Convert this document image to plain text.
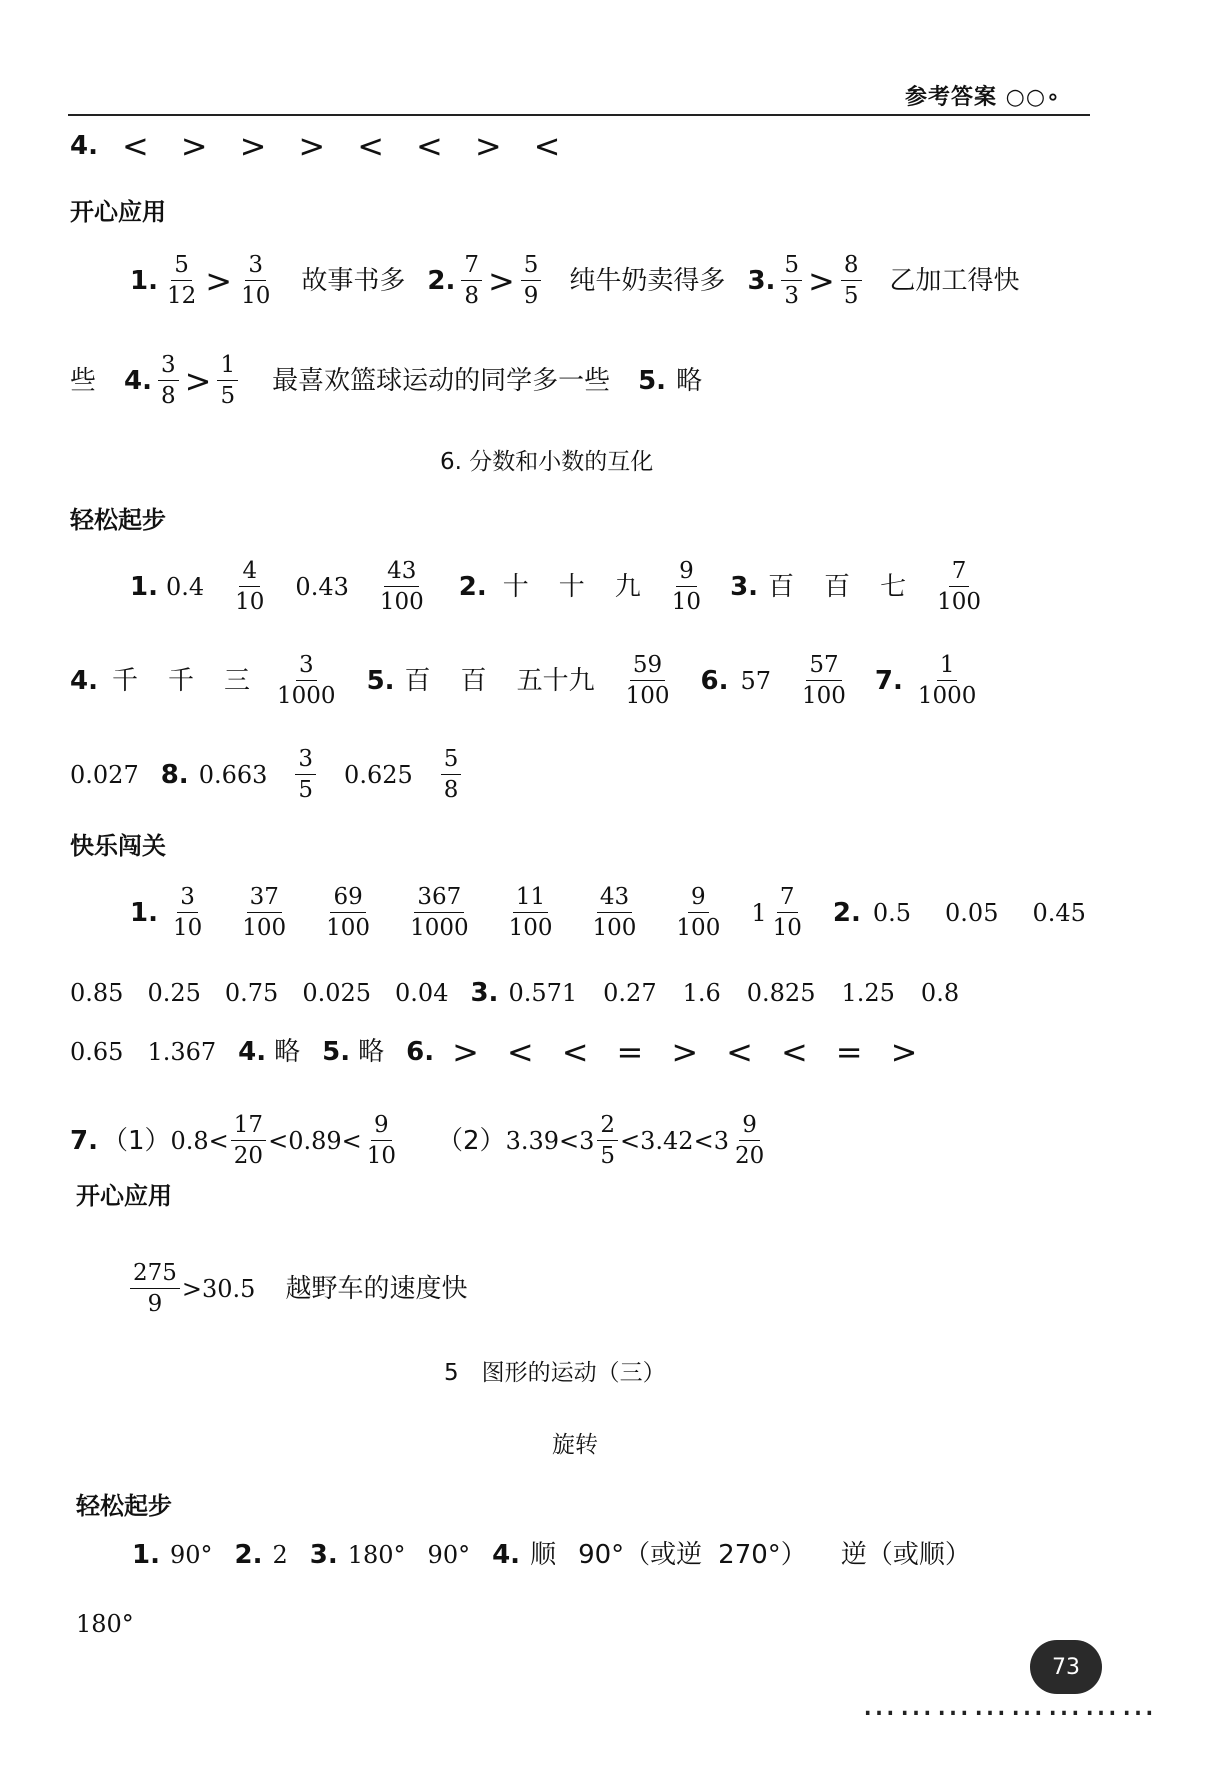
参考答案 ○○∘
4. < > > > < < > <
开心应用
1. $\frac{5}{12} > \frac{3}{10}$ 故事书多 2. $\frac{7}{8} > \frac{5}{9}$ 纯牛奶卖得多 3. $\frac{5}{3} > \frac{8}{5}$ 乙加工得快
些 4. $\frac{3}{8} > \frac{1}{5}$ 最喜欢篮球运动的同学多一些 5. 略
6. 分数和小数的互化
轻松起步
1. $0.4 \frac{4}{10} 0.43 \frac{43}{100} 2$. 十 十 九 $\frac{9}{10} 3$. 百 百 七 $\frac{7}{100}$
4. 千 千 三 $\frac{3}{1000} 5$. 百 百 五十九 $\frac{59}{100} 6$. $57 \frac{57}{100} 7$. $\frac{1}{1000}$
0.027 8. $0.663 \frac{3}{5} 0.625 \frac{5}{8}$
快乐闯关
1. $\frac{3}{10} \frac{37}{100} \frac{69}{100} \frac{367}{1000} \frac{11}{100} \frac{43}{100} \frac{9}{100} 1 \frac{7}{10} 2$. 0.5 0.05 0.45
0.85 0.25 0.75 0.025 0.04 3. 0.571 0.27 1.6 0.825 1.25 0.8
0.65 1.367 4. 略 5. 略 6. > < < = > < < = >
7. （1） $0.8< \frac{17}{20} <0.89< \frac{9}{10} (2)$ $3.39< 3 \frac{2}{5} <3.42< 3 \frac{9}{20}$
开心应用
$\frac{275}{9} >30.5$ 越野车的速度快
5　图形的运动（三）
旋转
轻松起步
1. 90° 2. 2 3. 180° 90° 4. 顺 90°（或逆 270°） 逆（或顺）
180°
73
……………………
